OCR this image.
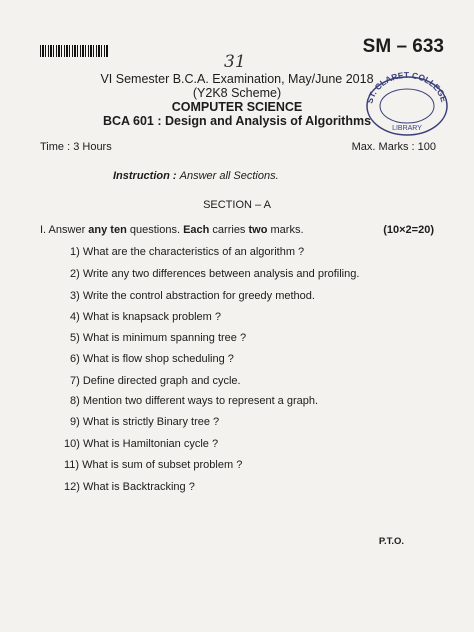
SM – 633
31
VI Semester B.C.A. Examination, May/June 2018
(Y2K8 Scheme)
COMPUTER SCIENCE
BCA 601 : Design and Analysis of Algorithms
ST. CLARET COLLEGE
LIBRARY
Time : 3 Hours	Max. Marks : 100
Instruction : Answer all Sections.
SECTION – A
I. Answer any ten questions. Each carries two marks.	(10×2=20)
1) What are the characteristics of an algorithm ?
2) Write any two differences between analysis and profiling.
3) Write the control abstraction for greedy method.
4) What is knapsack problem ?
5) What is minimum spanning tree ?
6) What is flow shop scheduling ?
7) Define directed graph and cycle.
8) Mention two different ways to represent a graph.
9) What is strictly Binary tree ?
10) What is Hamiltonian cycle ?
11) What is sum of subset problem ?
12) What is Backtracking ?
P.T.O.
